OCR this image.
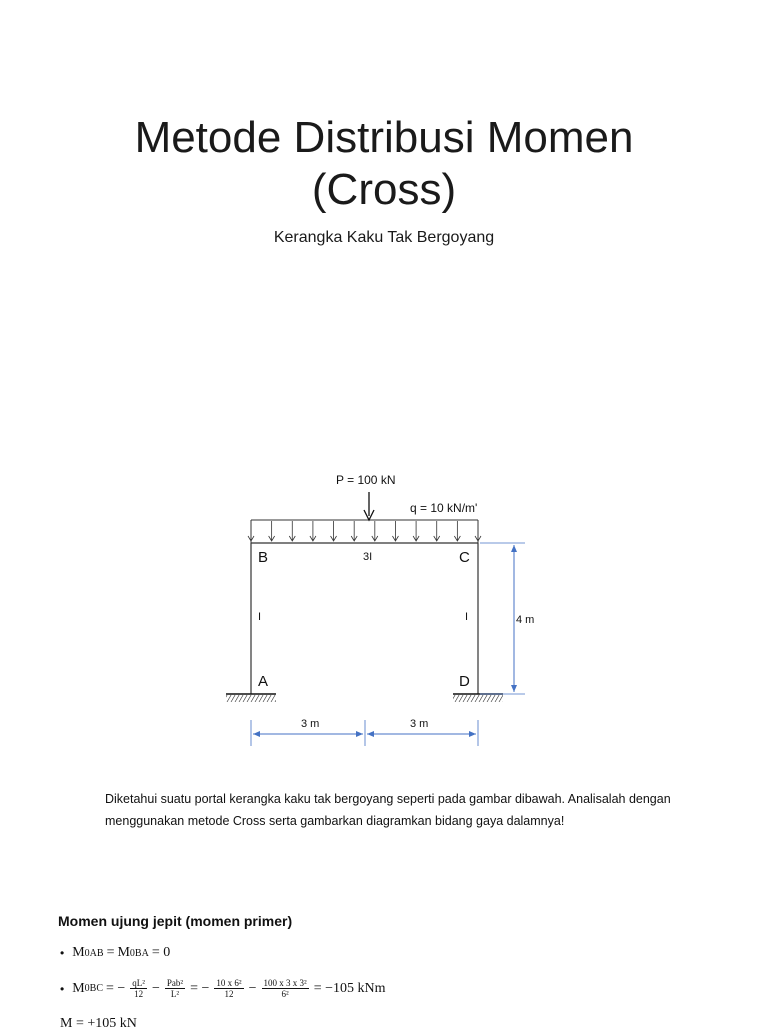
Metode Distribusi Momen
(Cross)
Kerangka Kaku Tak Bergoyang
P = 100 kN
q = 10 kN/m'
B	C
A	D
3I
I	I	4 m
3 m	3 m

Diketahui suatu portal kerangka kaku tak bergoyang seperti pada gambar dibawah. Analisalah dengan menggunakan metode Cross serta gambarkan diagramkan bidang gaya dalamnya!

Momen ujung jepit (momen primer)

• M 0AB = M 0BA = 0
• M 0BC = − $\frac{\text{qL²}}{12} - \frac{\text{Pab²}}{\text{L²}}$ = − $\frac{\text{10 x 6²}}{12} - \frac{\text{100 x 3 x 3²}}{\text{6²}} = -105$ kNm
M = +105 kN
